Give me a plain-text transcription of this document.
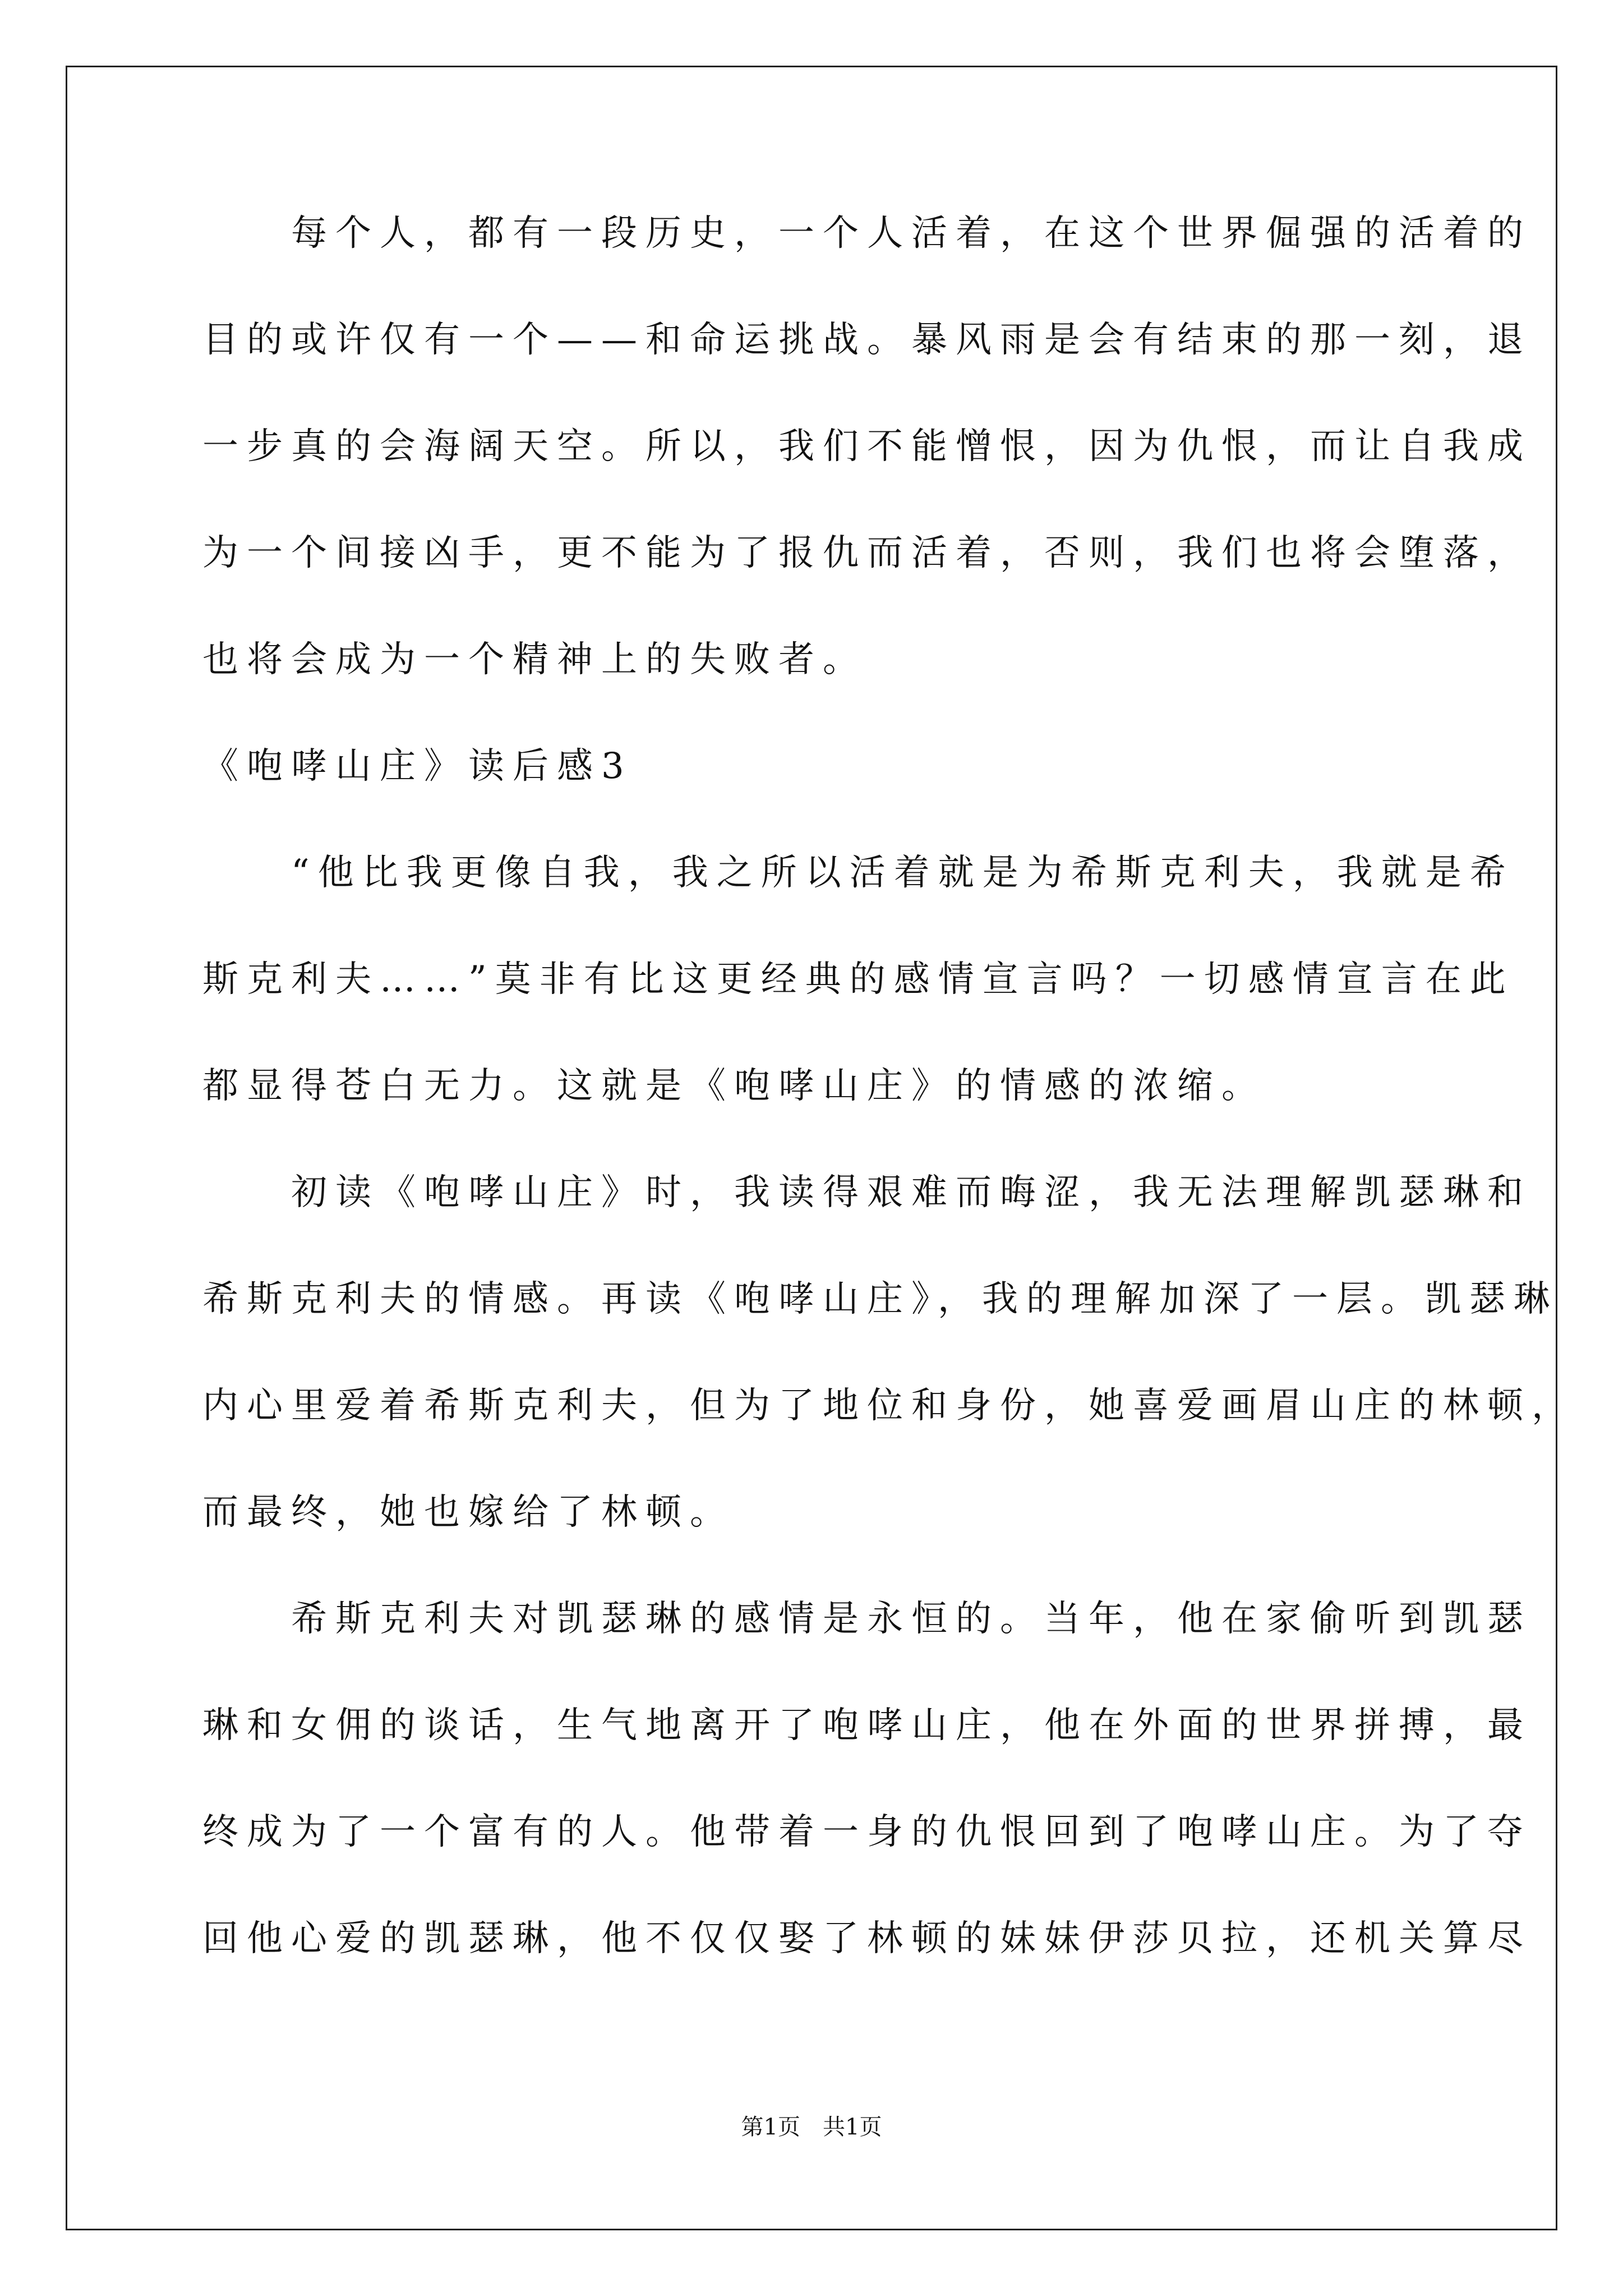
　　每个人，都有一段历史，一个人活着，在这个世界倔强的活着的
目的或许仅有一个——和命运挑战。暴风雨是会有结束的那一刻，退
一步真的会海阔天空。所以，我们不能憎恨，因为仇恨，而让自我成
为一个间接凶手，更不能为了报仇而活着，否则，我们也将会堕落，
也将会成为一个精神上的失败者。
《咆哮山庄》读后感3
　　“他比我更像自我，我之所以活着就是为希斯克利夫，我就是希
斯克利夫……”莫非有比这更经典的感情宣言吗？一切感情宣言在此
都显得苍白无力。这就是《咆哮山庄》的情感的浓缩。
　　初读《咆哮山庄》时，我读得艰难而晦涩，我无法理解凯瑟琳和
希斯克利夫的情感。再读《咆哮山庄》，我的理解加深了一层。凯瑟琳
内心里爱着希斯克利夫，但为了地位和身份，她喜爱画眉山庄的林顿，
而最终，她也嫁给了林顿。
　　希斯克利夫对凯瑟琳的感情是永恒的。当年，他在家偷听到凯瑟
琳和女佣的谈话，生气地离开了咆哮山庄，他在外面的世界拼搏，最
终成为了一个富有的人。他带着一身的仇恨回到了咆哮山庄。为了夺
回他心爱的凯瑟琳，他不仅仅娶了林顿的妹妹伊莎贝拉，还机关算尽
第1页　共1页
